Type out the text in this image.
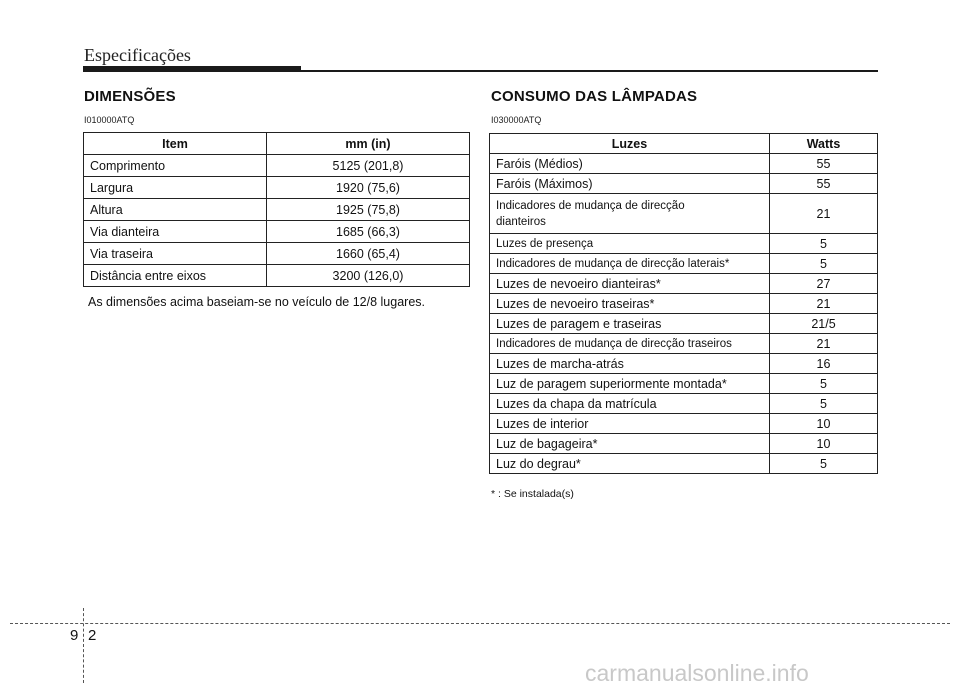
Especificações
DIMENSÕES
I010000ATQ
Item	mm (in)
Comprimento	5125 (201,8)
Largura	1920 (75,6)
Altura	1925 (75,8)
Via dianteira	1685 (66,3)
Via traseira	1660 (65,4)
Distância entre eixos	3200 (126,0)
As dimensões acima baseiam-se no veículo de 12/8 lugares.
CONSUMO DAS LÂMPADAS
I030000ATQ
Luzes	Watts
Faróis (Médios)	55
Faróis (Máximos)	55

Indicadores de mudança de direcção
dianteiros	21
Luzes de presença	5
Indicadores de mudança de direcção laterais*	5
Luzes de nevoeiro dianteiras*	27
Luzes de nevoeiro traseiras*	21
Luzes de paragem e traseiras	21/5
Indicadores de mudança de direcção traseiros	21
Luzes de marcha-atrás	16
Luz de paragem superiormente montada*	5
Luzes da chapa da matrícula	5
Luzes de interior	10
Luz de bagageira*	10
Luz do degrau*	5
* : Se instalada(s)
9 2
carmanualsonline.info
